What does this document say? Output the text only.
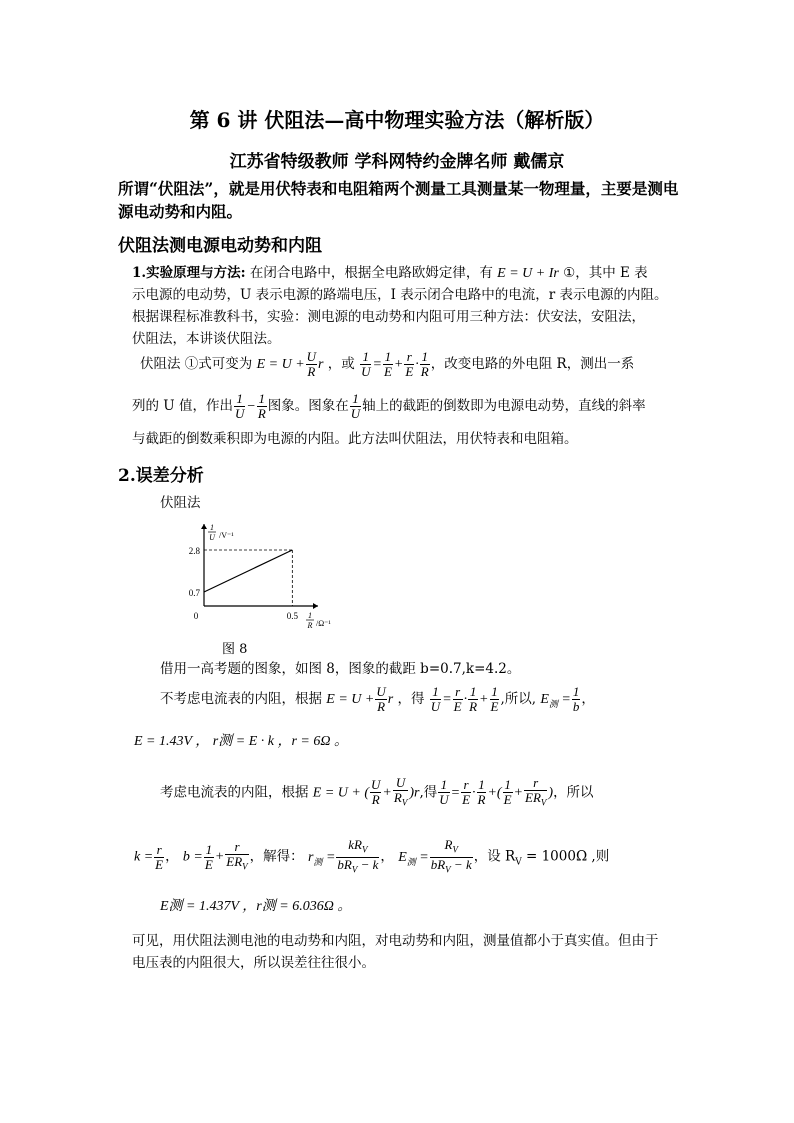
第 6 讲 伏阻法—高中物理实验方法（解析版）
江苏省特级教师 学科网特约金牌名师 戴儒京
所谓“伏阻法”，就是用伏特表和电阻箱两个测量工具测量某一物理量，主要是测电源电动势和内阻。
伏阻法测电源电动势和内阻
1.实验原理与方法: 在闭合电路中，根据全电路欧姆定律，有 E = U + Ir ①，其中 E 表
示电源的电动势，U 表示电源的路端电压，I 表示闭合电路中的电流，r 表示电源的内阻。
根据课程标准教科书，实验：测电源的电动势和内阻可用三种方法：伏安法，安阻法，
伏阻法，本讲谈伏阻法。
伏阻法 ①式可变为 $E = U + \frac{U}{R}$ r ，或 $\frac{1}{U} = \frac{1}{E} + \frac{r}{E} \cdot \frac{1}{R}$ ，改变电路的外电阻 R，测出一系
列的 U 值，作出 $\frac{1}{U} - \frac{1}{R}$ 图象。图象在 $\frac{1}{U}$ 轴上的截距的倒数即为电源电动势，直线的斜率
与截距的倒数乘积即为电源的内阻。此方法叫伏阻法，用伏特表和电阻箱。
2.误差分析
伏阻法
0.7
2.8
0.5
0
1
U /V⁻¹
1
R /Ω⁻¹
图 8
借用一高考题的图象，如图 8，图象的截距 b=0.7,k=4.2。
不考虑电流表的内阻，根据 $E = U + \frac{U}{R}$ r ，得 $\frac{1}{U} = \frac{r}{E} \cdot \frac{1}{R} + \frac{1}{E}$ ,所以, $E_测 = \frac{1}{b}$ ，
E = 1.43V ， r测 = E · k ，r = 6Ω 。
考虑电流表的内阻，根据 E = U + ( $\frac{U}{R} + \frac{U}{R_V} )r$,得 $\frac{1}{U} = \frac{r}{E} \cdot \frac{1}{R}$ +( $\frac{1}{E} + \frac{r}{ER_V}$ )，所以
$k = \frac{r}{E}$ ， $b = \frac{1}{E} + \frac{r}{ER_V}$ ，解得： $r_测 = \frac{kR_V}{bR_V - k}$ ， $E_测 = \frac{R_V}{bR_V - k}$ ，设 $R_V = 1000\Omega$ ,则
E测 = 1.437V ，r测 = 6.036Ω 。
可见，用伏阻法测电池的电动势和内阻，对电动势和内阻，测量值都小于真实值。但由于
电压表的内阻很大，所以误差往往很小。
